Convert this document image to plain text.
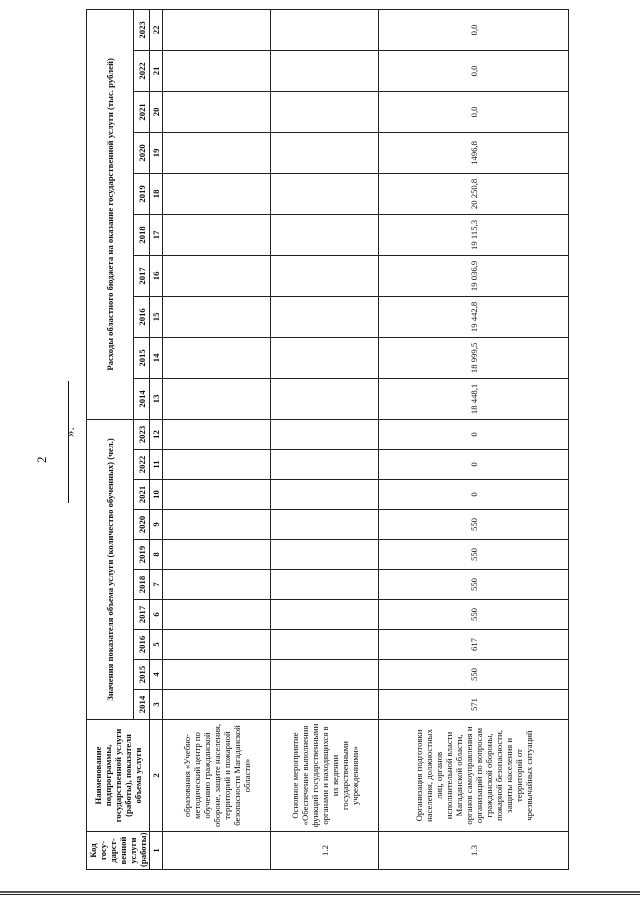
2
Код госу-дарст-венной услуги (работы)	Наименование подпрограммы, государственной услуги (работы), показателя объема услуги	Значения показателя объема услуги (количество обученных) (чел.)										Расходы областного бюджета на оказание государственной услуги (тыс. рублей)									
		2014	2015	2016	2017	2018	2019	2020	2021	2022	2023	2014	2015	2016	2017	2018	2019	2020	2021	2022	2023
1	2	3	4	5	6	7	8	9	10	11	12	13	14	15	16	17	18	19	20	21	22
	образования «Учебно-методический центр по обучению гражданской обороне, защите населения, территорий и пожарной безопасности Магаданской области»																				
1.2	Основное мероприятие «Обеспечение выполнения функций государственными органами и находящихся в их ведении государственными учреждениями»																				
1.3	Организация подготовки населения, должностных лиц, органов исполнительной власти Магаданской области, органов самоуправления и организаций по вопросам гражданской обороны, пожарной безопасности, защиты населения и территорий от чрезвычайных ситуаций	571	550	617	550	550	550	550	0	0	0	18 448,1	18 999,5	19 442,8	19 036,9	19 115,3	20 250,8	1496,8	0,0	0,0	0,0
».
